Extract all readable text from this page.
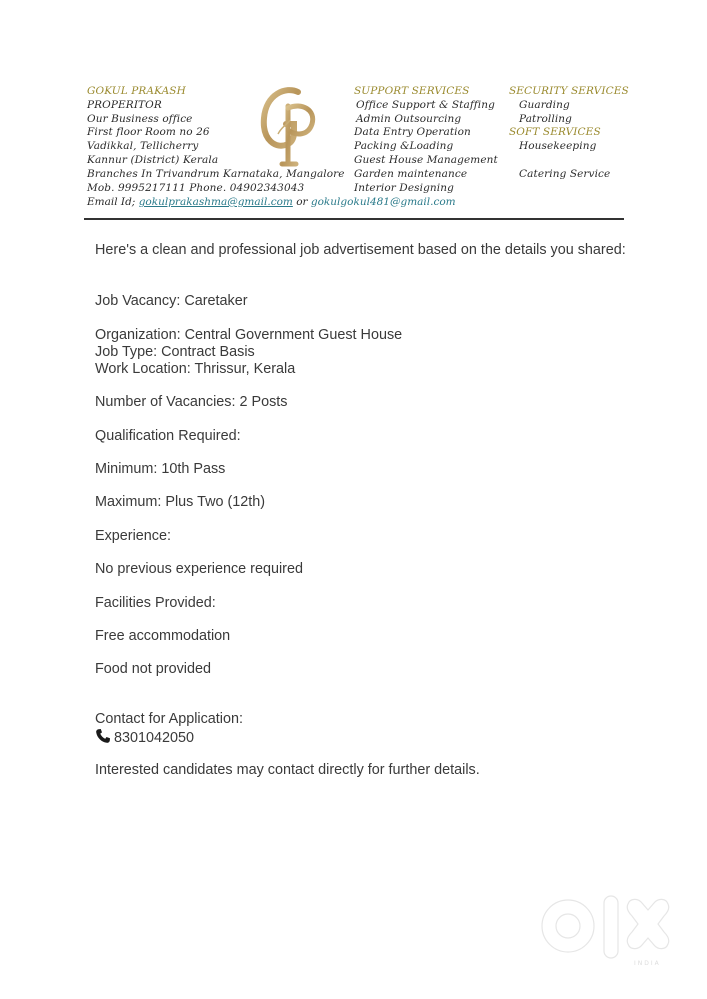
GOKUL PRAKASH
PROPERITOR
Our Business office
First floor Room no 26
Vadikkal, Tellicherry
Kannur (District) Kerala
Branches In Trivandrum Karnataka, Mangalore
Mob. 9995217111 Phone. 04902343043
Email Id; gokulprakashma@gmail.com or gokulgokul481@gmail.com
SUPPORT SERVICES
Office Support & Staffing
Admin Outsourcing
Data Entry Operation
Packing &Loading
Guest House Management
Garden maintenance
Interior Designing
SECURITY SERVICES
Guarding
Patrolling
SOFT SERVICES
Housekeeping
Catering Service

Here's a clean and professional job advertisement based on the details you shared:

Job Vacancy: Caretaker

Organization: Central Government Guest House

Job Type: Contract Basis

Work Location: Thrissur, Kerala

Number of Vacancies: 2 Posts

Qualification Required:

Minimum: 10th Pass

Maximum: Plus Two (12th)

Experience:

No previous experience required

Facilities Provided:

Free accommodation

Food not provided

Contact for Application:

8301042050

Interested candidates may contact directly for further details.

INDIA
